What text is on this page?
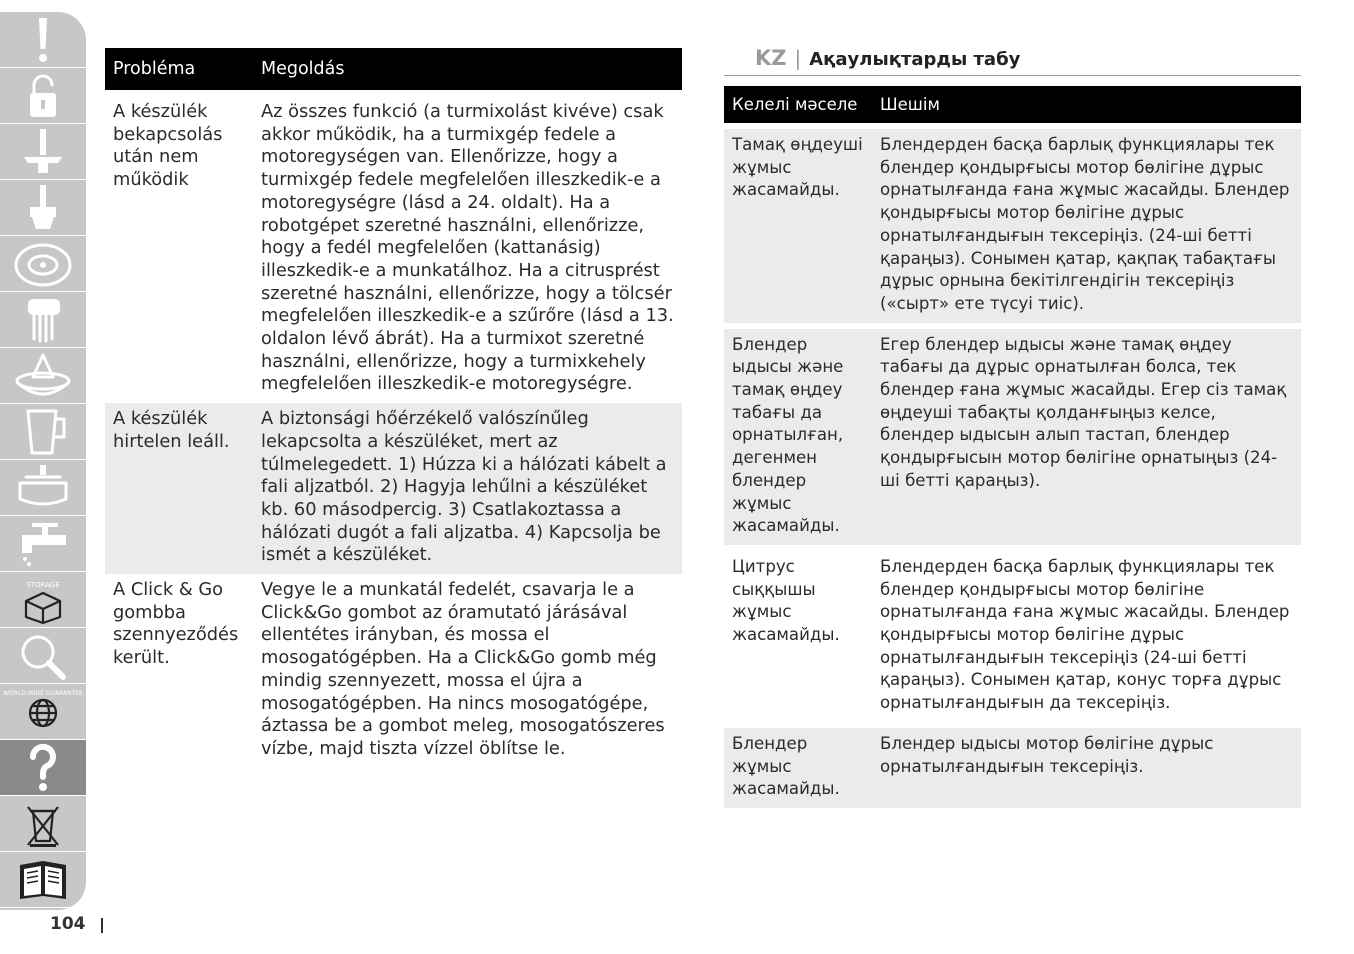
STORAGE
WORLD-WIDE GUARANTEE
104
Probléma	Megoldás

A készülék bekapcsolás után nem működik	Az összes funkció (a turmixolást kivéve) csak akkor működik, ha a turmixgép fedele a motoregységen van. Ellenőrizze, hogy a turmixgép fedele megfelelően illeszkedik-e a motoregységre (lásd a 24. oldalt). Ha a robotgépet szeretné használni, ellenőrizze, hogy a fedél megfelelően (kattanásig) illeszkedik-e a munkatálhoz. Ha a citrusprést szeretné használni, ellenőrizze, hogy a tölcsér megfelelően illeszkedik-e a szűrőre (lásd a 13. oldalon lévő ábrát). Ha a turmixot szeretné használni, ellenőrizze, hogy a turmixkehely megfelelően illeszkedik-e motoregységre.
A készülék hirtelen leáll.	A biztonsági hőérzékelő valószínűleg lekapcsolta a készüléket, mert az túlmelegedett. 1) Húzza ki a hálózati kábelt a fali aljzatból. 2) Hagyja lehűlni a készüléket kb. 60 másodpercig. 3) Csatlakoztassa a hálózati dugót a fali aljzatba. 4) Kapcsolja be ismét a készüléket.
A Click & Go gombba szennyeződés került.	Vegye le a munkatál fedelét, csavarja le a Click&Go gombot az óramutató járásával ellentétes irányban, és mossa el mosogatógépben. Ha a Click&Go gomb még mindig szennyezett, mossa el újra a mosogatógépben. Ha nincs mosogatógépe, áztassa be a gombot meleg, mosogatószeres vízbe, majd tiszta vízzel öblítse le.
KZ | Ақаулықтарды табу
Келелі мәселе	Шешім

Тамақ өңдеуші жұмыс жасамайды.	Блендерден басқа барлық функциялары тек блендер қондырғысы мотор бөлігіне дұрыс орнатылғанда ғана жұмыс жасайды. Блендер қондырғысы мотор бөлігіне дұрыс орнатылғандығын тексеріңіз. (24-ші бетті қараңыз). Сонымен қатар, қақпақ табақтағы дұрыс орнына бекітілгендігін тексеріңіз («сырт» ете түсуі тиіс).

Блендер ыдысы және тамақ өңдеу табағы да орнатылған, дегенмен блендер жұмыс жасамайды.	Егер блендер ыдысы және тамақ өңдеу табағы да дұрыс орнатылған болса, тек блендер ғана жұмыс жасайды. Егер сіз тамақ өңдеуші табақты қолданғыңыз келсе, блендер ыдысын алып тастап, блендер қондырғысын мотор бөлігіне орнатыңыз (24-ші бетті қараңыз).

Цитрус сыққышы жұмыс жасамайды.	Блендерден басқа барлық функциялары тек блендер қондырғысы мотор бөлігіне орнатылғанда ғана жұмыс жасайды. Блендер қондырғысы мотор бөлігіне дұрыс орнатылғандығын тексеріңіз (24-ші бетті қараңыз). Сонымен қатар, конус торға дұрыс орнатылғандығын да тексеріңіз.

Блендер жұмыс жасамайды.	Блендер ыдысы мотор бөлігіне дұрыс орнатылғандығын тексеріңіз.
